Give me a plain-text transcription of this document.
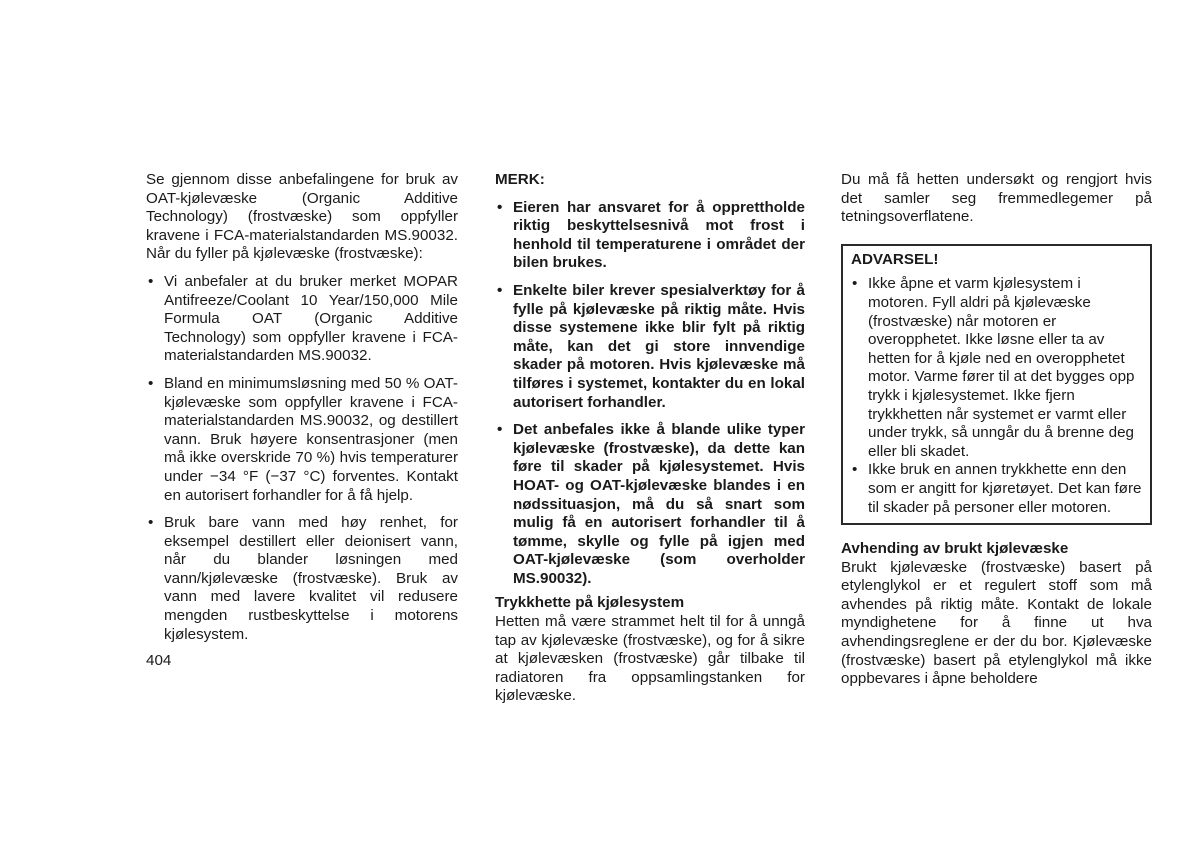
Se gjennom disse anbefalingene for bruk av OAT-kjølevæske (Organic Additive Technology) (frostvæske) som oppfyller kravene i FCA-materialstandarden MS.90032. Når du fyller på kjølevæske (frostvæske):

• Vi anbefaler at du bruker merket MOPAR Antifreeze/Coolant 10 Year/150,000 Mile Formula OAT (Organic Additive Technology) som oppfyller kravene i FCA-materialstandarden MS.90032.
• Bland en minimumsløsning med 50 % OAT-kjølevæske som oppfyller kravene i FCA-materialstandarden MS.90032, og destillert vann. Bruk høyere konsentrasjoner (men må ikke overskride 70 %) hvis temperaturer under −34 °F (−37 °C) forventes. Kontakt en autorisert forhandler for å få hjelp.
• Bruk bare vann med høy renhet, for eksempel destillert eller deionisert vann, når du blander løsningen med vann/kjølevæske (frostvæske). Bruk av vann med lavere kvalitet vil redusere mengden rustbeskyttelse i motorens kjølesystem.

MERK:

• Eieren har ansvaret for å opprettholde riktig beskyttelsesnivå mot frost i henhold til temperaturene i området der bilen brukes.
• Enkelte biler krever spesialverktøy for å fylle på kjølevæske på riktig måte. Hvis disse systemene ikke blir fylt på riktig måte, kan det gi store innvendige skader på motoren. Hvis kjølevæske må tilføres i systemet, kontakter du en lokal autorisert forhandler.
• Det anbefales ikke å blande ulike typer kjølevæske (frostvæske), da dette kan føre til skader på kjølesystemet. Hvis HOAT- og OAT-kjølevæske blandes i en nødssituasjon, må du så snart som mulig få en autorisert forhandler til å tømme, skylle og fylle på igjen med OAT-kjølevæske (som overholder MS.90032).

Trykkhette på kjølesystem

Hetten må være strammet helt til for å unngå tap av kjølevæske (frostvæske), og for å sikre at kjølevæsken (frostvæske) går tilbake til radiatoren fra oppsamlingstanken for kjølevæske.

Du må få hetten undersøkt og rengjort hvis det samler seg fremmedlegemer på tetningsoverflatene.

ADVARSEL!

• Ikke åpne et varm kjølesystem i motoren. Fyll aldri på kjølevæske (frostvæske) når motoren er overopphetet. Ikke løsne eller ta av hetten for å kjøle ned en overopphetet motor. Varme fører til at det bygges opp trykk i kjølesystemet. Ikke fjern trykkhetten når systemet er varmt eller under trykk, så unngår du å brenne deg eller bli skadet.
• Ikke bruk en annen trykkhette enn den som er angitt for kjøretøyet. Det kan føre til skader på personer eller motoren.

Avhending av brukt kjølevæske

Brukt kjølevæske (frostvæske) basert på etylenglykol er et regulert stoff som må avhendes på riktig måte. Kontakt de lokale myndighetene for å finne ut hva avhendingsreglene er der du bor. Kjølevæske (frostvæske) basert på etylenglykol må ikke oppbevares i åpne beholdere

404
